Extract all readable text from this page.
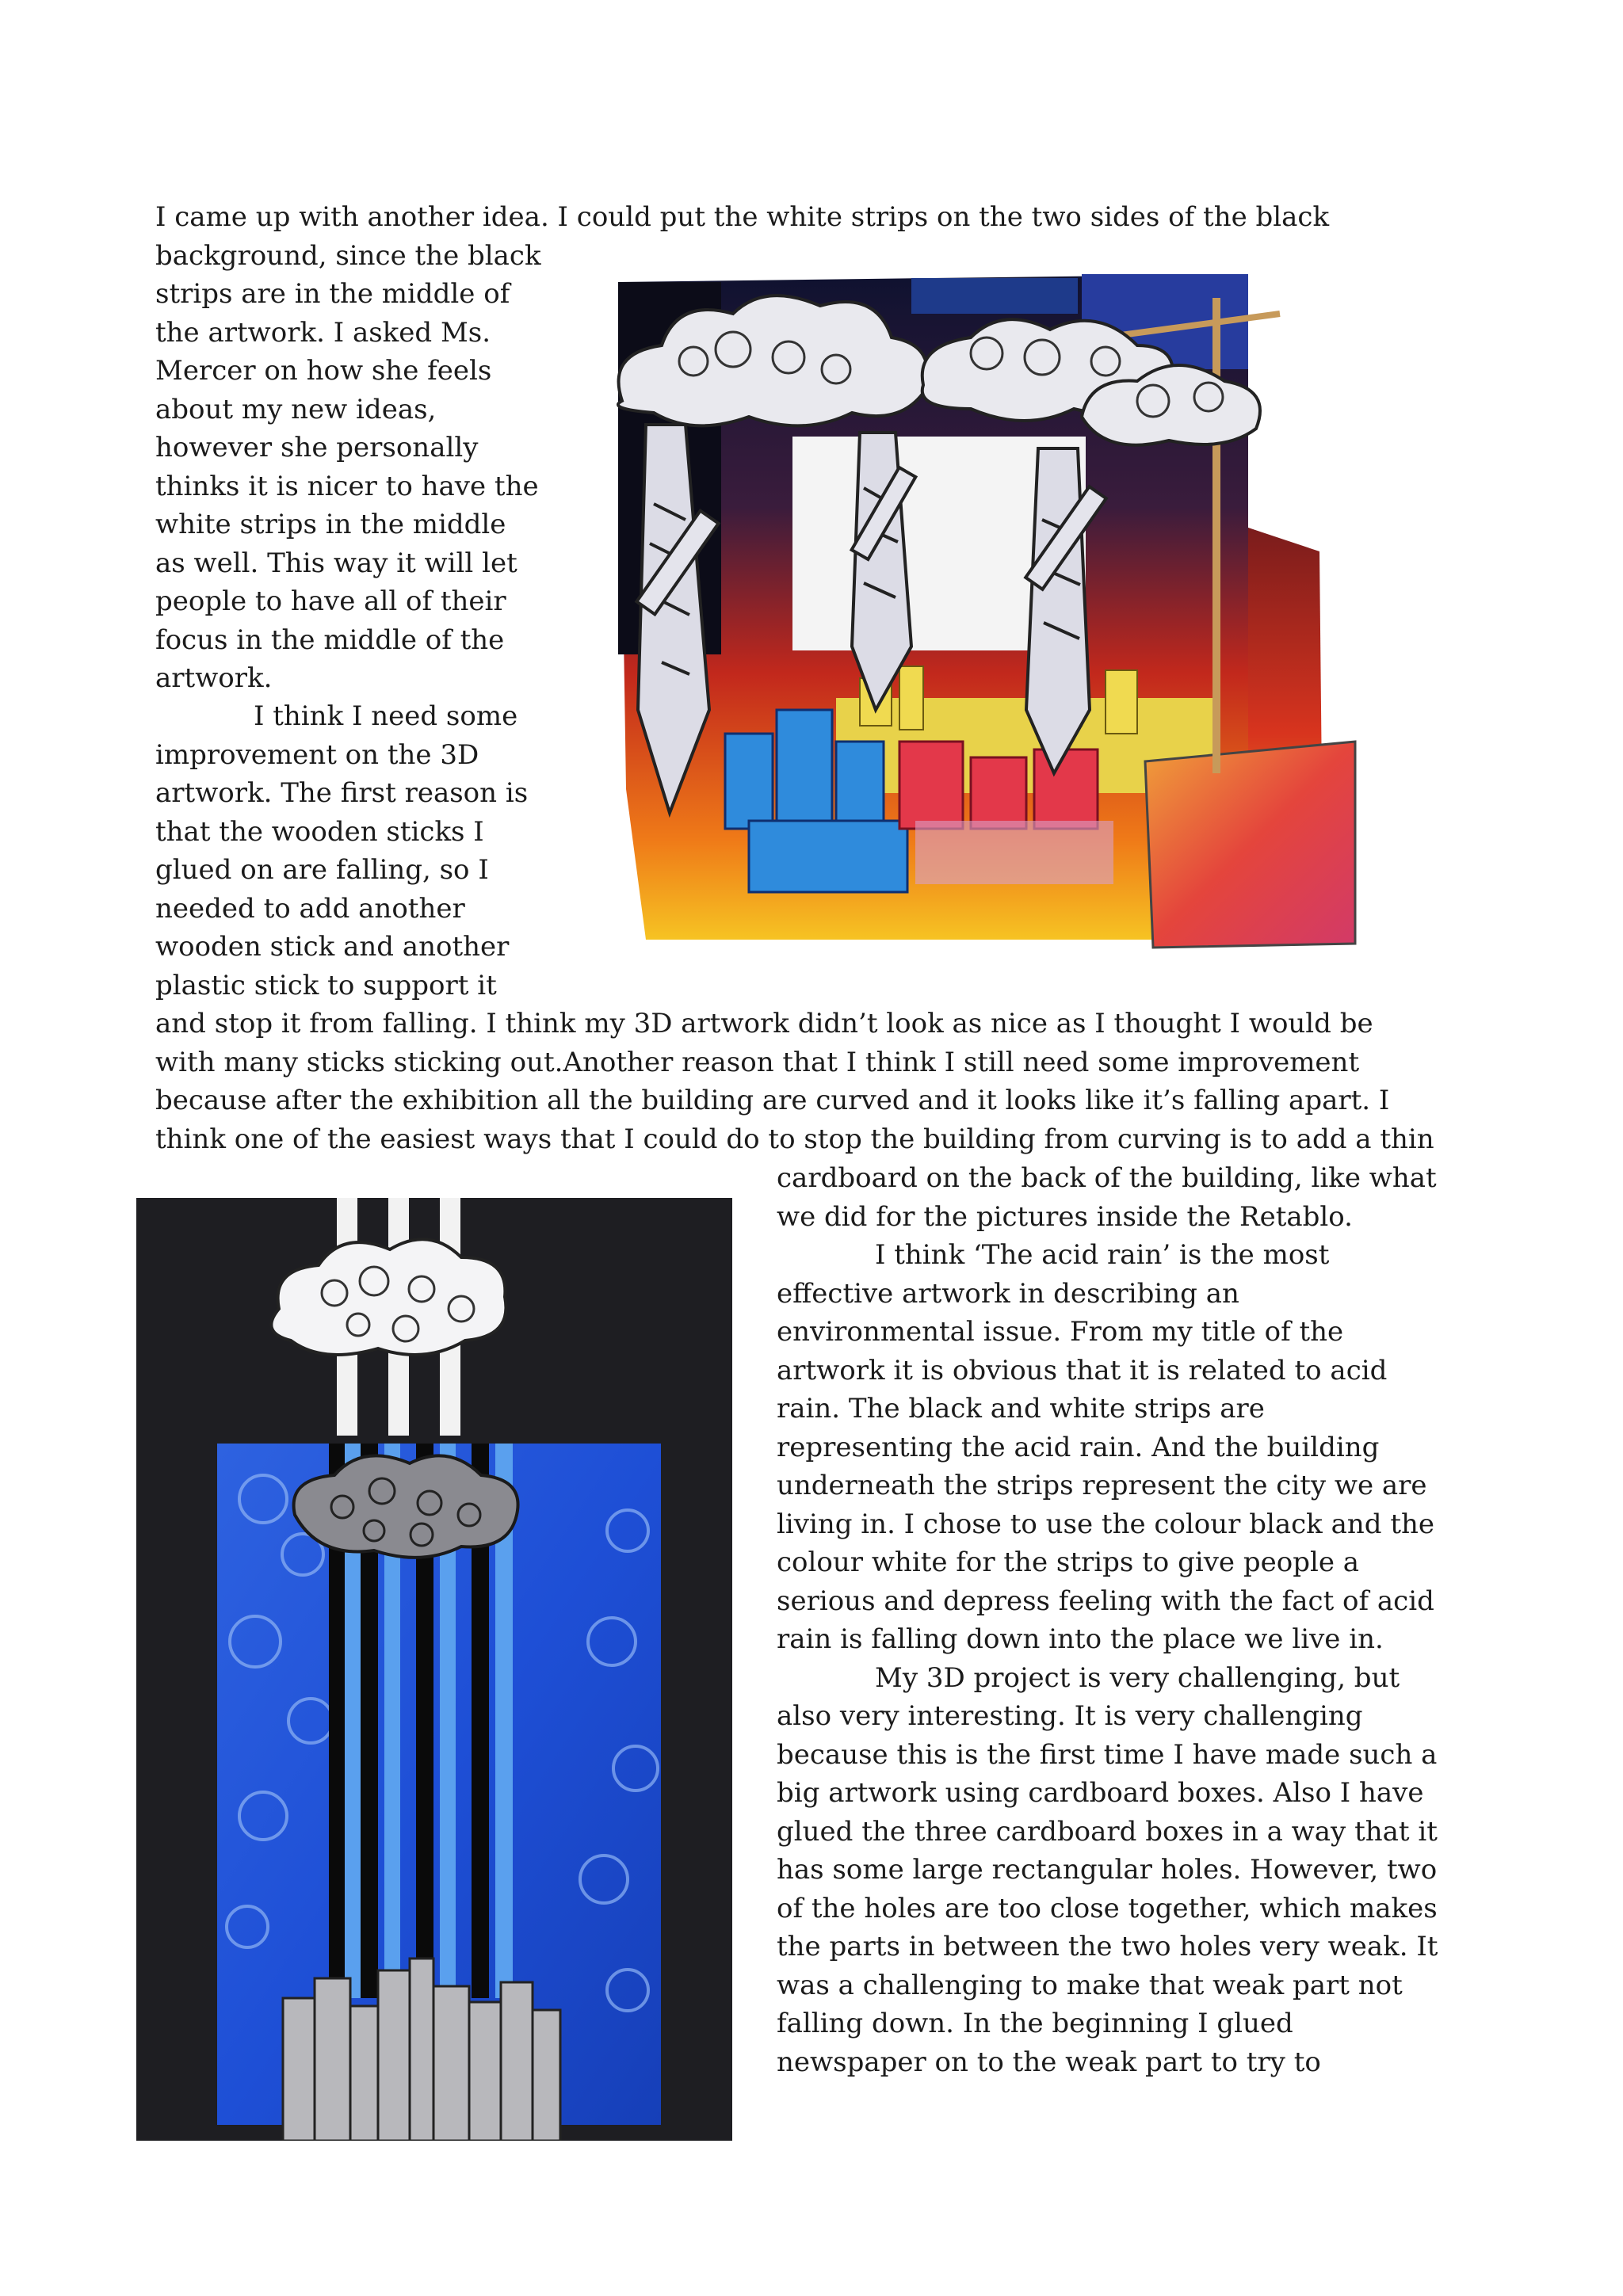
I came up with another idea. I could put the white strips on the two sides of the black
background, since the black
strips are in the middle of
the artwork. I asked Ms.
Mercer on how she feels
about my new ideas,
however she personally
thinks it is nicer to have the
white strips in the middle
as well. This way it will let
people to have all of their
focus in the middle of the
artwork.
I think I need some
improvement on the 3D
artwork. The first reason is
that the wooden sticks I
glued on are falling, so I
needed to add another
wooden stick and another
plastic stick to support it
and stop it from falling. I think my 3D artwork didn’t look as nice as I thought I would be
with many sticks sticking out.Another reason that I think I still need some improvement
because after the exhibition all the building are curved and it looks like it’s falling apart. I
think one of the easiest ways that I could do to stop the building from curving is to add a thin
cardboard on the back of the building, like what
we did for the pictures inside the Retablo.
I think ‘The acid rain’ is the most
effective artwork in describing an
environmental issue. From my title of the
artwork it is obvious that it is related to acid
rain. The black and white strips are
representing the acid rain. And the building
underneath the strips represent the city we are
living in. I chose to use the colour black and the
colour white for the strips to give people a
serious and depress feeling with the fact of acid
rain is falling down into the place we live in.
My 3D project is very challenging, but
also very interesting. It is very challenging
because this is the first time I have made such a
big artwork using cardboard boxes. Also I have
glued the three cardboard boxes in a way that it
has some large rectangular holes. However, two
of the holes are too close together, which makes
the parts in between the two holes very weak. It
was a challenging to make that weak part not
falling down. In the beginning I glued
newspaper on to the weak part to try to
